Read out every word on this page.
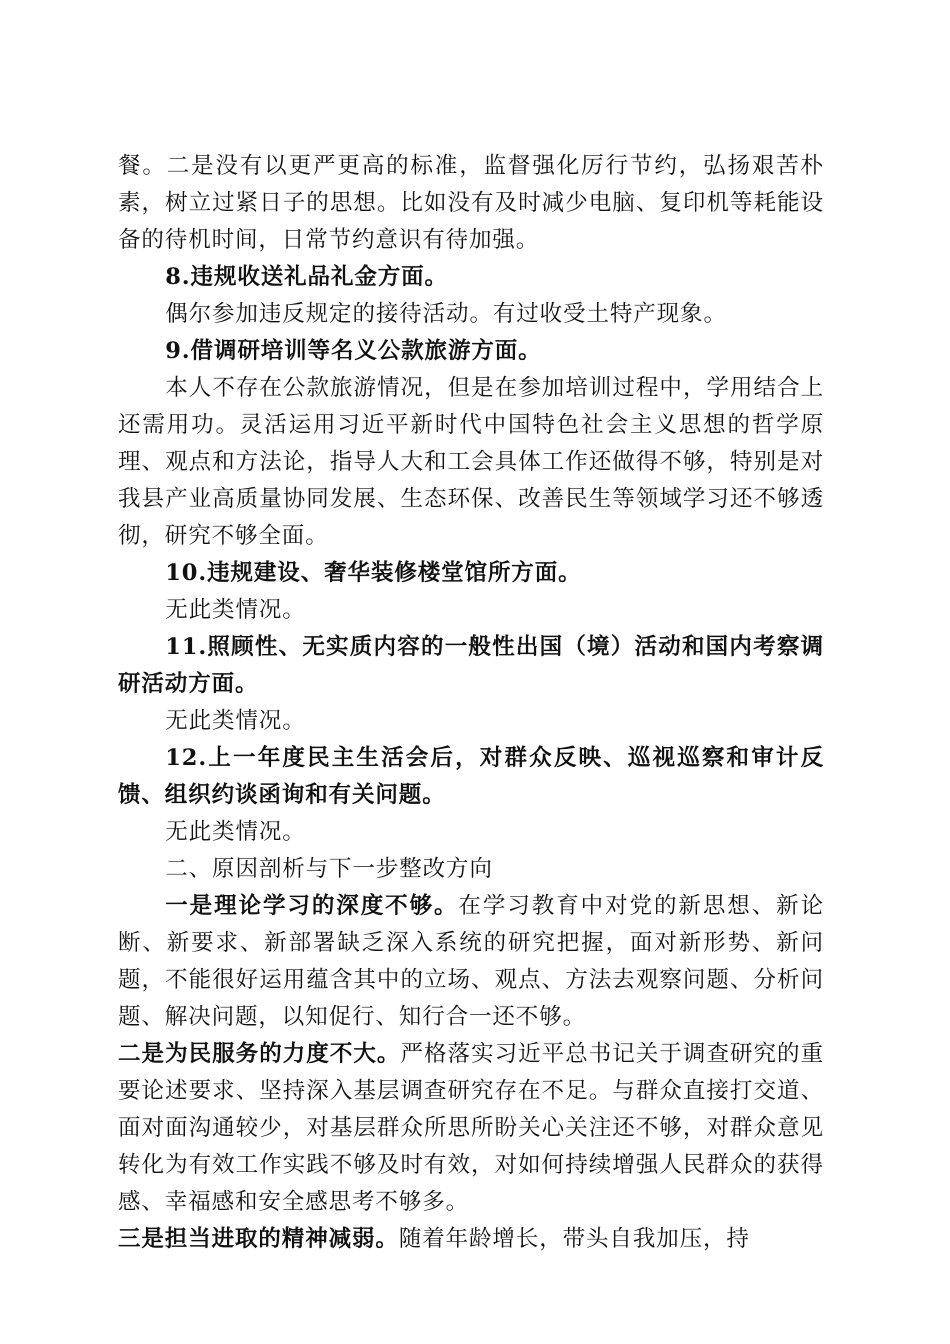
餐。二是没有以更严更高的标准，监督强化厉行节约，弘扬艰苦朴素，树立过紧日子的思想。比如没有及时减少电脑、复印机等耗能设备的待机时间，日常节约意识有待加强。

8.违规收送礼品礼金方面。

偶尔参加违反规定的接待活动。有过收受土特产现象。

9.借调研培训等名义公款旅游方面。

本人不存在公款旅游情况，但是在参加培训过程中，学用结合上还需用功。灵活运用习近平新时代中国特色社会主义思想的哲学原理、观点和方法论，指导人大和工会具体工作还做得不够，特别是对我县产业高质量协同发展、生态环保、改善民生等领域学习还不够透彻，研究不够全面。

10.违规建设、奢华装修楼堂馆所方面。

无此类情况。

11.照顾性、无实质内容的一般性出国（境）活动和国内考察调研活动方面。

无此类情况。

12.上一年度民主生活会后，对群众反映、巡视巡察和审计反馈、组织约谈函询和有关问题。

无此类情况。

二、原因剖析与下一步整改方向

一是理论学习的深度不够。在学习教育中对党的新思想、新论断、新要求、新部署缺乏深入系统的研究把握，面对新形势、新问题，不能很好运用蕴含其中的立场、观点、方法去观察问题、分析问题、解决问题，以知促行、知行合一还不够。

二是为民服务的力度不大。严格落实习近平总书记关于调查研究的重要论述要求、坚持深入基层调查研究存在不足。与群众直接打交道、面对面沟通较少，对基层群众所思所盼关心关注还不够，对群众意见转化为有效工作实践不够及时有效，对如何持续增强人民群众的获得感、幸福感和安全感思考不够多。

三是担当进取的精神减弱。随着年龄增长，带头自我加压，持
